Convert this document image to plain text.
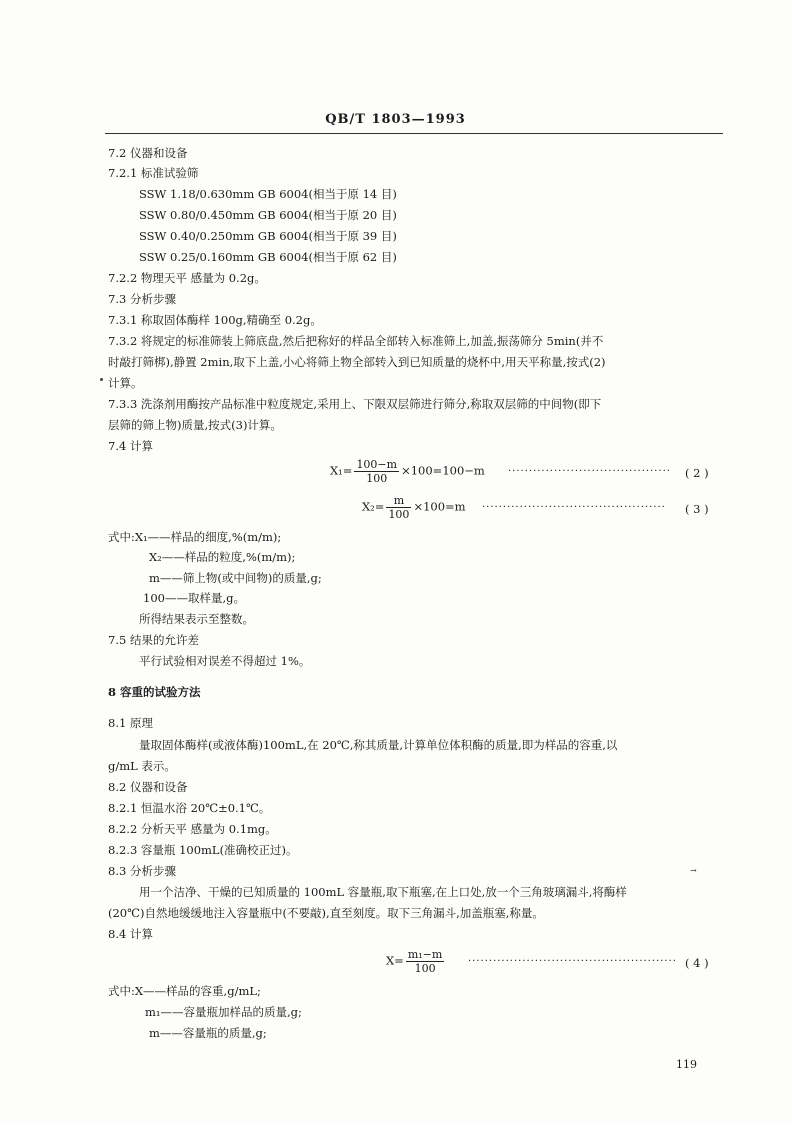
QB/T 1803—1993
7.2 仪器和设备
7.2.1 标准试验筛
SSW 1.18/0.630mm GB 6004(相当于原 14 目)
SSW 0.80/0.450mm GB 6004(相当于原 20 目)
SSW 0.40/0.250mm GB 6004(相当于原 39 目)
SSW 0.25/0.160mm GB 6004(相当于原 62 目)
7.2.2 物理天平 感量为 0.2g。
7.3 分析步骤
7.3.1 称取固体酶样 100g,精确至 0.2g。
7.3.2 将规定的标准筛装上筛底盘,然后把称好的样品全部转入标准筛上,加盖,振荡筛分 5min(并不
时敲打筛梆),静置 2min,取下上盖,小心将筛上物全部转入到已知质量的烧杯中,用天平称量,按式(2)
计算。
7.3.3 洗涤剂用酶按产品标准中粒度规定,采用上、下限双层筛进行筛分,称取双层筛的中间物(即下
层筛的筛上物)质量,按式(3)计算。
7.4 计算
$X_1= \frac{100-m}{100} \times 100=100-m$ ·······································	( 2 )
$X_2= \frac{m}{100} \times 100=m$ ············································	( 3 )
式中:X₁——样品的细度,%(m/m);
X₂——样品的粒度,%(m/m);
m——筛上物(或中间物)的质量,g;
100——取样量,g。
所得结果表示至整数。
7.5 结果的允许差
平行试验相对误差不得超过 1%。
8 容重的试验方法
8.1 原理
量取固体酶样(或液体酶)100mL,在 20℃,称其质量,计算单位体积酶的质量,即为样品的容重,以
g/mL 表示。
8.2 仪器和设备
8.2.1 恒温水浴 20℃±0.1℃。
8.2.2 分析天平 感量为 0.1mg。
8.2.3 容量瓶 100mL(准确校正过)。
8.3 分析步骤	→
用一个洁净、干燥的已知质量的 100mL 容量瓶,取下瓶塞,在上口处,放一个三角玻璃漏斗,将酶样
(20℃)自然地缓缓地注入容量瓶中(不要敲),直至刻度。取下三角漏斗,加盖瓶塞,称量。
8.4 计算
$X= \frac{\text{m₁−m}}{100}$ ·················································· ( 4 )
式中:X——样品的容重,g/mL;
m₁——容量瓶加样品的质量,g;
m——容量瓶的质量,g;
119
